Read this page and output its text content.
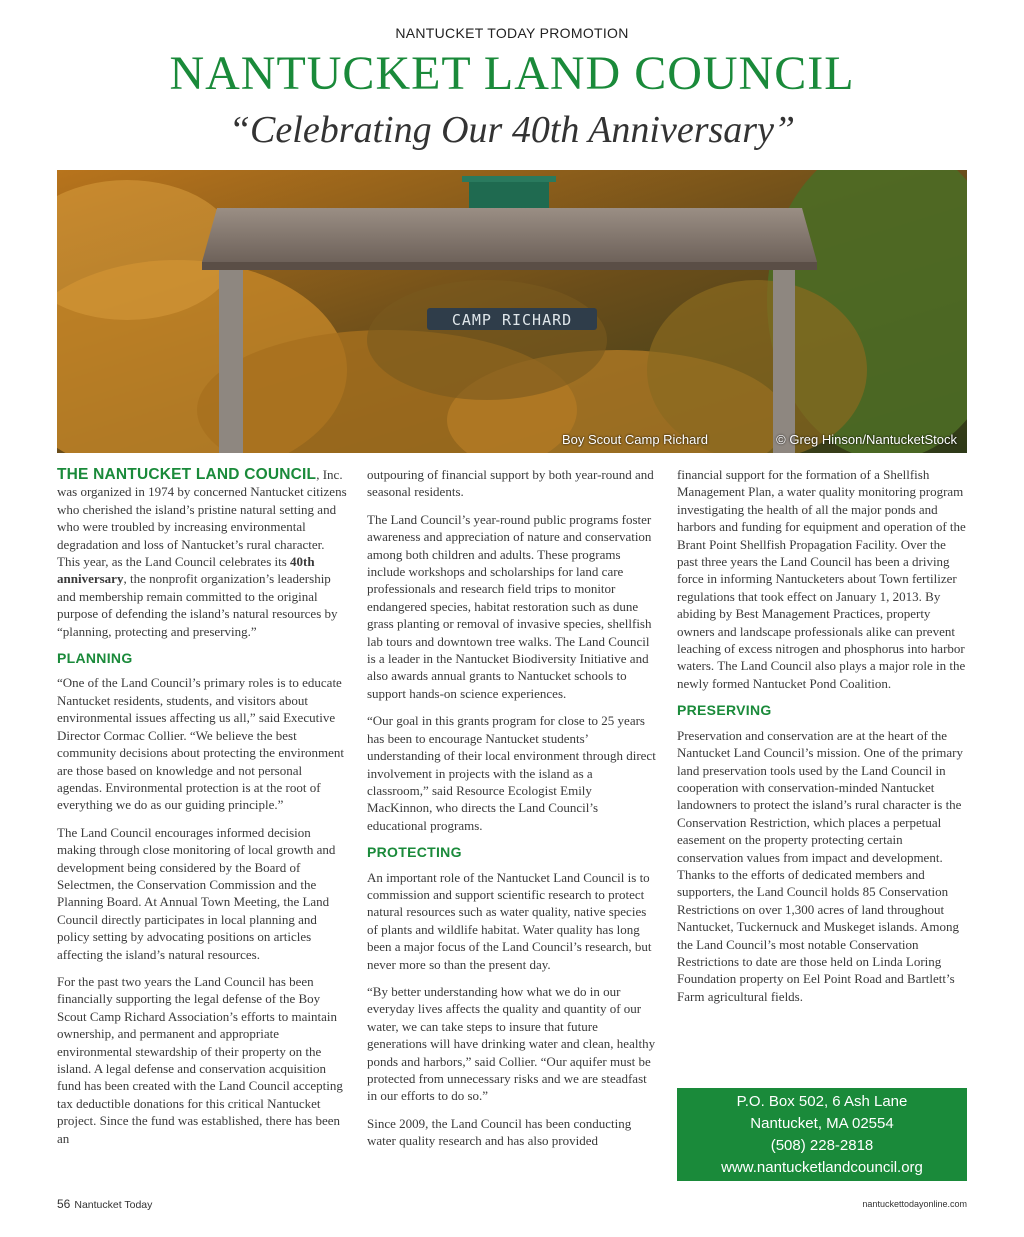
NANTUCKET TODAY PROMOTION
NANTUCKET LAND COUNCIL
“Celebrating Our 40th Anniversary”
CAMP RICHARD
Boy Scout Camp Richard	© Greg Hinson/NantucketStock

THE NANTUCKET LAND COUNCIL, Inc. was organized in 1974 by concerned Nantucket citizens who cherished the island’s pristine natural setting and who were troubled by increasing environmental degradation and loss of Nantucket’s rural character. This year, as the Land Council celebrates its 40th anniversary, the nonprofit organization’s leadership and membership remain committed to the original purpose of defending the island’s natural resources by “planning, protecting and preserving.”

PLANNING

“One of the Land Council’s primary roles is to educate Nantucket residents, students, and visitors about environmental issues affecting us all,” said Executive Director Cormac Collier. “We believe the best community decisions about protecting the environment are those based on knowledge and not personal agendas. Environmental protection is at the root of everything we do as our guiding principle.”

The Land Council encourages informed decision making through close monitoring of local growth and development being considered by the Board of Selectmen, the Conservation Commission and the Planning Board. At Annual Town Meeting, the Land Council directly participates in local planning and policy setting by advocating positions on articles affecting the island’s natural resources.

For the past two years the Land Council has been financially supporting the legal defense of the Boy Scout Camp Richard Association’s efforts to maintain ownership, and permanent and appropriate environmental stewardship of their property on the island. A legal defense and conservation acquisition fund has been created with the Land Council accepting tax deductible donations for this critical Nantucket project. Since the fund was established, there has been an

outpouring of financial support by both year-round and seasonal residents.

The Land Council’s year-round public programs foster awareness and appreciation of nature and conservation among both children and adults. These programs include workshops and scholarships for land care professionals and research field trips to monitor endangered species, habitat restoration such as dune grass planting or removal of invasive species, shellfish lab tours and downtown tree walks. The Land Council is a leader in the Nantucket Biodiversity Initiative and also awards annual grants to Nantucket schools to support hands-on science experiences.

“Our goal in this grants program for close to 25 years has been to encourage Nantucket students’ understanding of their local environment through direct involvement in projects with the island as a classroom,” said Resource Ecologist Emily MacKinnon, who directs the Land Council’s educational programs.

PROTECTING

An important role of the Nantucket Land Council is to commission and support scientific research to protect natural resources such as water quality, native species of plants and wildlife habitat. Water quality has long been a major focus of the Land Council’s research, but never more so than the present day.

“By better understanding how what we do in our everyday lives affects the quality and quantity of our water, we can take steps to insure that future generations will have drinking water and clean, healthy ponds and harbors,” said Collier. “Our aquifer must be protected from unnecessary risks and we are steadfast in our efforts to do so.”

Since 2009, the Land Council has been conducting water quality research and has also provided

financial support for the formation of a Shellfish Management Plan, a water quality monitoring program investigating the health of all the major ponds and harbors and funding for equipment and operation of the Brant Point Shellfish Propagation Facility. Over the past three years the Land Council has been a driving force in informing Nantucketers about Town fertilizer regulations that took effect on January 1, 2013. By abiding by Best Management Practices, property owners and landscape professionals alike can prevent leaching of excess nitrogen and phosphorus into harbor waters. The Land Council also plays a major role in the newly formed Nantucket Pond Coalition.

PRESERVING

Preservation and conservation are at the heart of the Nantucket Land Council’s mission. One of the primary land preservation tools used by the Land Council in cooperation with conservation-minded Nantucket landowners to protect the island’s rural character is the Conservation Restriction, which places a perpetual easement on the property protecting certain conservation values from impact and development. Thanks to the efforts of dedicated members and supporters, the Land Council holds 85 Conservation Restrictions on over 1,300 acres of land throughout Nantucket, Tuckernuck and Muskeget islands. Among the Land Council’s most notable Conservation Restrictions to date are those held on Linda Loring Foundation property on Eel Point Road and Bartlett’s Farm agricultural fields.

P.O. Box 502, 6 Ash Lane
Nantucket, MA 02554
(508) 228-2818
www.nantucketlandcouncil.org
56 Nantucket Today	nantuckettodayonline.com
